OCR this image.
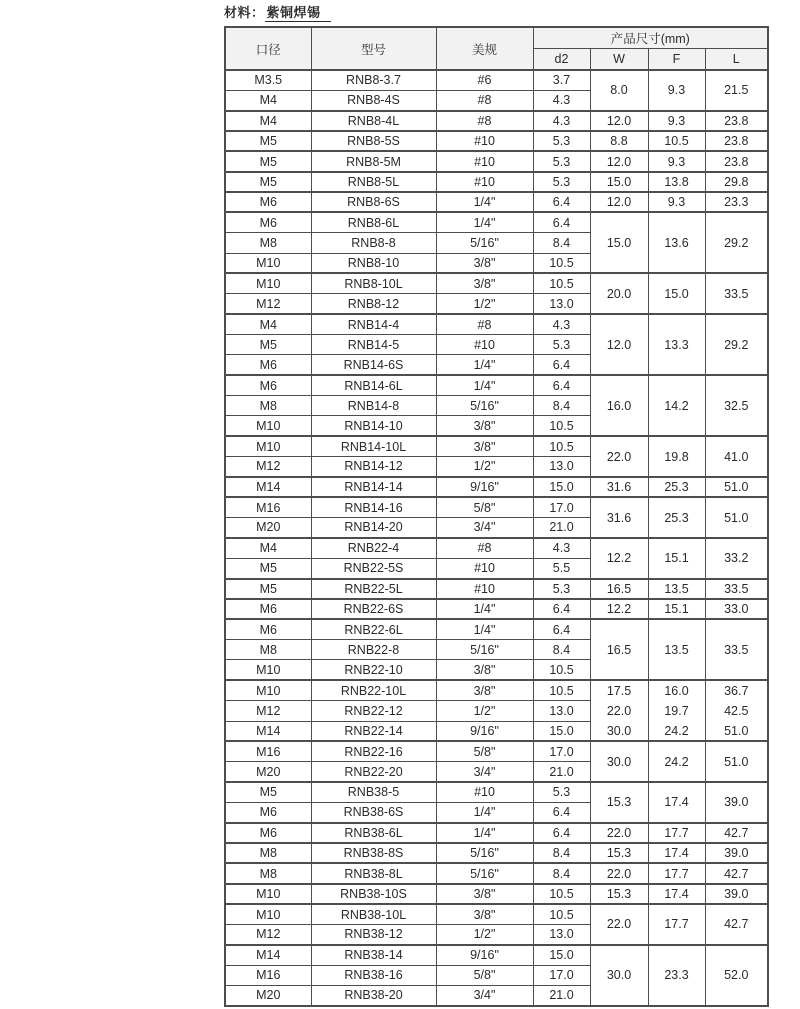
材料： 紫铜焊锡
口径	型号	美规	产品尺寸(mm)			
			d2	W	F	L
M3.5	RNB8-3.7	#6	3.7	8.0	9.3	21.5
M4	RNB8-4S	#8	4.3			
M4	RNB8-4L	#8	4.3	12.0	9.3	23.8
M5	RNB8-5S	#10	5.3	8.8	10.5	23.8
M5	RNB8-5M	#10	5.3	12.0	9.3	23.8
M5	RNB8-5L	#10	5.3	15.0	13.8	29.8
M6	RNB8-6S	1/4"	6.4	12.0	9.3	23.3
M6	RNB8-6L	1/4"	6.4	15.0	13.6	29.2
M8	RNB8-8	5/16"	8.4			
M10	RNB8-10	3/8"	10.5			
M10	RNB8-10L	3/8"	10.5	20.0	15.0	33.5
M12	RNB8-12	1/2"	13.0			
M4	RNB14-4	#8	4.3	12.0	13.3	29.2
M5	RNB14-5	#10	5.3			
M6	RNB14-6S	1/4"	6.4			
M6	RNB14-6L	1/4"	6.4	16.0	14.2	32.5
M8	RNB14-8	5/16"	8.4			
M10	RNB14-10	3/8"	10.5			
M10	RNB14-10L	3/8"	10.5	22.0	19.8	41.0
M12	RNB14-12	1/2"	13.0			
M14	RNB14-14	9/16"	15.0	31.6	25.3	51.0
M16	RNB14-16	5/8"	17.0	31.6	25.3	51.0
M20	RNB14-20	3/4"	21.0			
M4	RNB22-4	#8	4.3	12.2	15.1	33.2
M5	RNB22-5S	#10	5.5			
M5	RNB22-5L	#10	5.3	16.5	13.5	33.5
M6	RNB22-6S	1/4"	6.4	12.2	15.1	33.0
M6	RNB22-6L	1/4"	6.4	16.5	13.5	33.5
M8	RNB22-8	5/16"	8.4			
M10	RNB22-10	3/8"	10.5			
M10	RNB22-10L	3/8"	10.5	17.5	16.0	36.7
M12	RNB22-12	1/2"	13.0	22.0	19.7	42.5
M14	RNB22-14	9/16"	15.0	30.0	24.2	51.0
M16	RNB22-16	5/8"	17.0	30.0	24.2	51.0
M20	RNB22-20	3/4"	21.0			
M5	RNB38-5	#10	5.3	15.3	17.4	39.0
M6	RNB38-6S	1/4"	6.4			
M6	RNB38-6L	1/4"	6.4	22.0	17.7	42.7
M8	RNB38-8S	5/16"	8.4	15.3	17.4	39.0
M8	RNB38-8L	5/16"	8.4	22.0	17.7	42.7
M10	RNB38-10S	3/8"	10.5	15.3	17.4	39.0
M10	RNB38-10L	3/8"	10.5	22.0	17.7	42.7
M12	RNB38-12	1/2"	13.0			
M14	RNB38-14	9/16"	15.0	30.0	23.3	52.0
M16	RNB38-16	5/8"	17.0			
M20	RNB38-20	3/4"	21.0			
